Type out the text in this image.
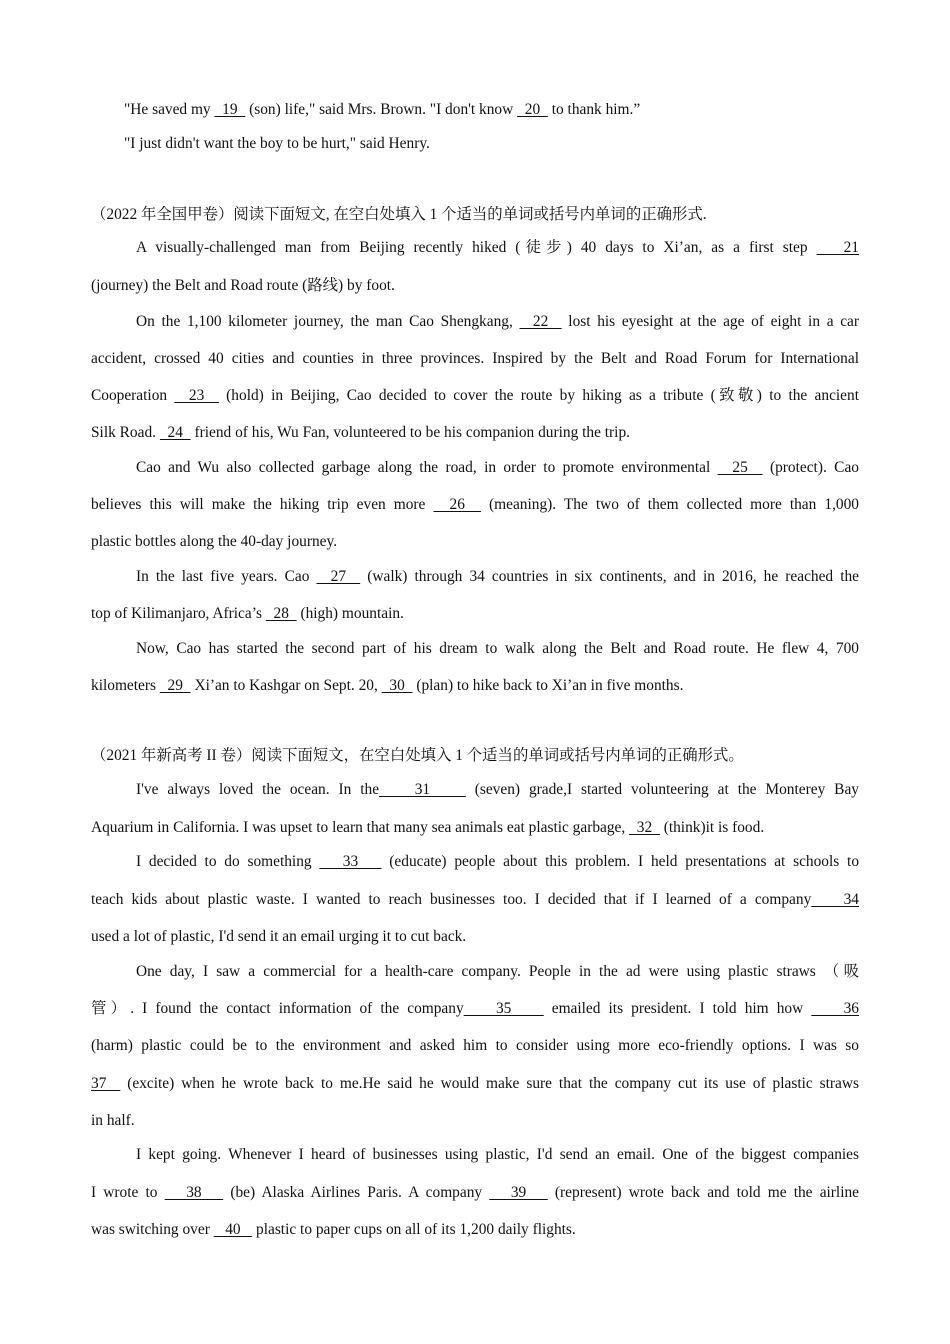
"He saved my   19   (son) life," said Mrs. Brown. "I don't know   20   to thank him.”
"I just didn't want the boy to be hurt," said Henry.
（2022 年全国甲卷）阅读下面短文, 在空白处填入 1 个适当的单词或括号内单词的正确形式.
A visually-challenged man from Beijing recently hiked (徒步) 40 days to Xi’an, as a first step    21
(journey) the Belt and Road route (路线) by foot.
On the 1,100 kilometer journey, the man Cao Shengkang,   22   lost his eyesight at the age of eight in a car
accident, crossed 40 cities and counties in three provinces. Inspired by the Belt and Road Forum for International
Cooperation   23   (hold) in Beijing, Cao decided to cover the route by hiking as a tribute (致敬) to the ancient
Silk Road.   24   friend of his, Wu Fan, volunteered to be his companion during the trip.
Cao and Wu also collected garbage along the road, in order to promote environmental   25   (protect). Cao
believes this will make the hiking trip even more   26   (meaning). The two of them collected more than 1,000
plastic bottles along the 40-day journey.
In the last five years. Cao   27   (walk) through 34 countries in six continents, and in 2016, he reached the
top of Kilimanjaro, Africa’s   28   (high) mountain.
Now, Cao has started the second part of his dream to walk along the Belt and Road route. He flew 4, 700
kilometers   29   Xi’an to Kashgar on Sept. 20,   30   (plan) to hike back to Xi’an in five months.
（2021 年新高考 II 卷）阅读下面短文，在空白处填入 1 个适当的单词或括号内单词的正确形式。
I've always loved the ocean. In the    31     (seven) grade,I started volunteering at the Monterey Bay
Aquarium in California. I was upset to learn that many sea animals eat plastic garbage,   32   (think)it is food.
I decided to do something    33    (educate) people about this problem. I held presentations at schools to
teach kids about plastic waste. I wanted to reach businesses too. I decided that if I learned of a company    34
used a lot of plastic, I'd send it an email urging it to cut back.
One day, I saw a commercial for a health-care company. People in the ad were using plastic straws （吸
管）. I found the contact information of the company    35     emailed its president. I told him how     36
(harm) plastic could be to the environment and asked him to consider using more eco-friendly options. I was so
37   (excite) when he wrote back to me.He said he would make sure that the company cut its use of plastic straws
in half.
I kept going. Whenever I heard of businesses using plastic, I'd send an email. One of the biggest companies
I wrote to    38    (be) Alaska Airlines Paris. A company    39    (represent) wrote back and told me the airline
was switching over    40    plastic to paper cups on all of its 1,200 daily flights.
